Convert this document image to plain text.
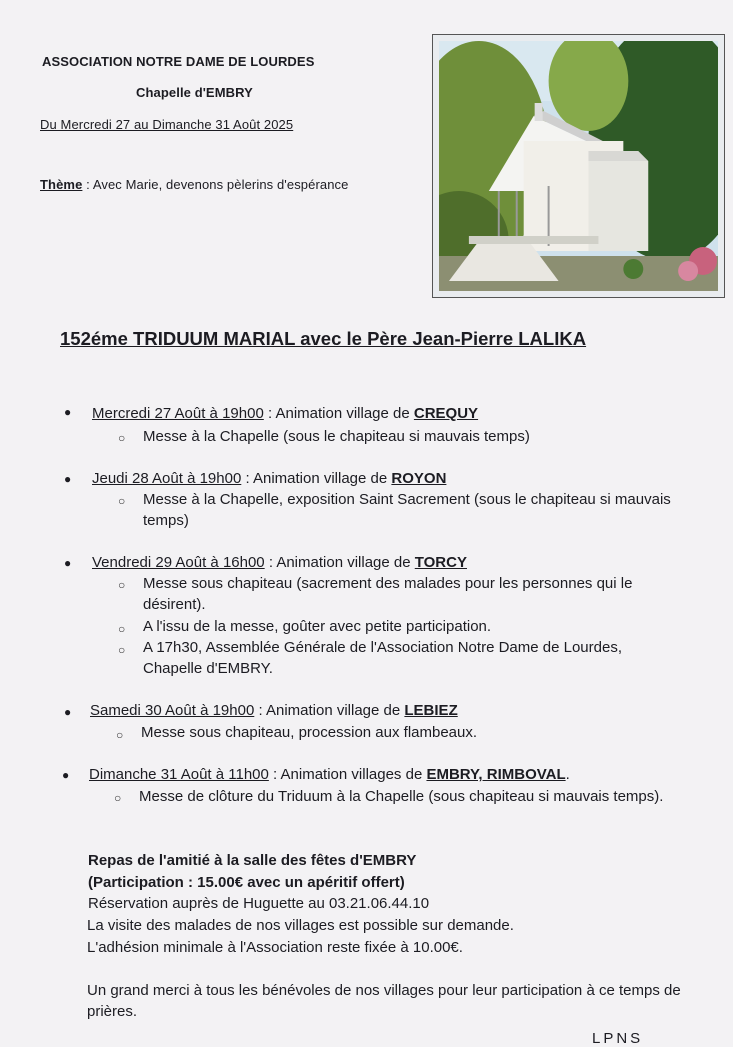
ASSOCIATION NOTRE DAME DE LOURDES
Chapelle d'EMBRY
Du Mercredi 27 au Dimanche 31 Août 2025
Thème : Avec Marie, devenons pèlerins d'espérance
152éme TRIDUUM MARIAL avec le Père Jean-Pierre LALIKA
● Mercredi 27 Août à 19h00 : Animation village de CREQUY
○ Messe à la Chapelle (sous le chapiteau si mauvais temps)
● Jeudi 28 Août à 19h00 : Animation village de ROYON
○ Messe à la Chapelle, exposition Saint Sacrement (sous le chapiteau si mauvais temps)
● Vendredi 29 Août à 16h00 : Animation village de TORCY
○ Messe sous chapiteau (sacrement des malades pour les personnes qui le désirent).
○ A l'issu de la messe, goûter avec petite participation.
○ A 17h30, Assemblée Générale de l'Association Notre Dame de Lourdes, Chapelle d'EMBRY.
● Samedi 30 Août à 19h00 : Animation village de LEBIEZ
○ Messe sous chapiteau, procession aux flambeaux.
● Dimanche 31 Août à 11h00 : Animation villages de EMBRY, RIMBOVAL.
○ Messe de clôture du Triduum à la Chapelle (sous chapiteau si mauvais temps).
Repas de l'amitié à la salle des fêtes d'EMBRY
(Participation : 15.00€ avec un apéritif offert)
Réservation auprès de Huguette au 03.21.06.44.10
La visite des malades de nos villages est possible sur demande.
L'adhésion minimale à l'Association reste fixée à 10.00€.
Un grand merci à tous les bénévoles de nos villages pour leur participation à ce temps de prières.
LPNS
